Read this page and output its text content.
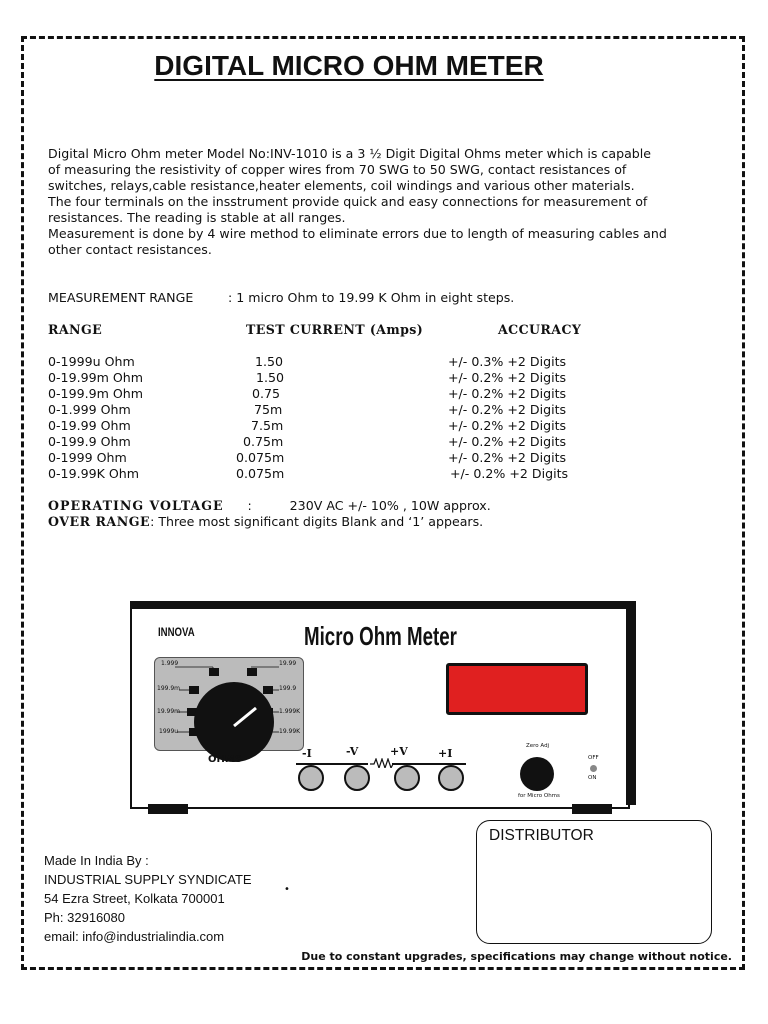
DIGITAL MICRO OHM METER

Digital Micro Ohm meter Model No:INV-1010 is a 3 ½ Digit Digital Ohms meter which is capable

of measuring the resistivity of copper wires from 70 SWG to 50 SWG, contact resistances of

switches, relays,cable resistance,heater elements, coil windings and various other materials.

The four terminals on the insstrument provide quick and easy connections for measurement of

resistances. The reading is stable at all ranges.

Measurement is done by 4 wire method to eliminate errors due to length of measuring cables and

other contact resistances.

MEASUREMENT RANGE	: 1 micro Ohm to 19.99 K Ohm in eight steps.
RANGE	TEST CURRENT (Amps)	ACCURACY
0-1999u Ohm	1.50	+/- 0.3% +2 Digits
0-19.99m Ohm	1.50	+/- 0.2% +2 Digits
0-199.9m Ohm	0.75	+/- 0.2% +2 Digits
0-1.999 Ohm	75m	+/- 0.2% +2 Digits
0-19.99 Ohm	7.5m	+/- 0.2% +2 Digits
0-199.9 Ohm	0.75m	+/- 0.2% +2 Digits
0-1999 Ohm	0.075m	+/- 0.2% +2 Digits
0-19.99K Ohm	0.075m	+/- 0.2% +2 Digits
OPERATING VOLTAGE :	230V AC +/- 10% , 10W approx.
OVER RANGE: Three most significant digits Blank and ‘1’ appears.
INNOVA	Micro Ohm Meter
1.999	19.99
199.9m	199.9
19.99m	1.999K
1999u	19.99K
OHMS	-I	-V	+V	+I
Zero Adj
for Micro Ohms
OFF
ON
Made In India By :
INDUSTRIAL SUPPLY SYNDICATE
54 Ezra Street, Kolkata 700001
Ph: 32916080
email: info@industrialindia.com
•
DISTRIBUTOR
Due to constant upgrades, specifications may change without notice.
